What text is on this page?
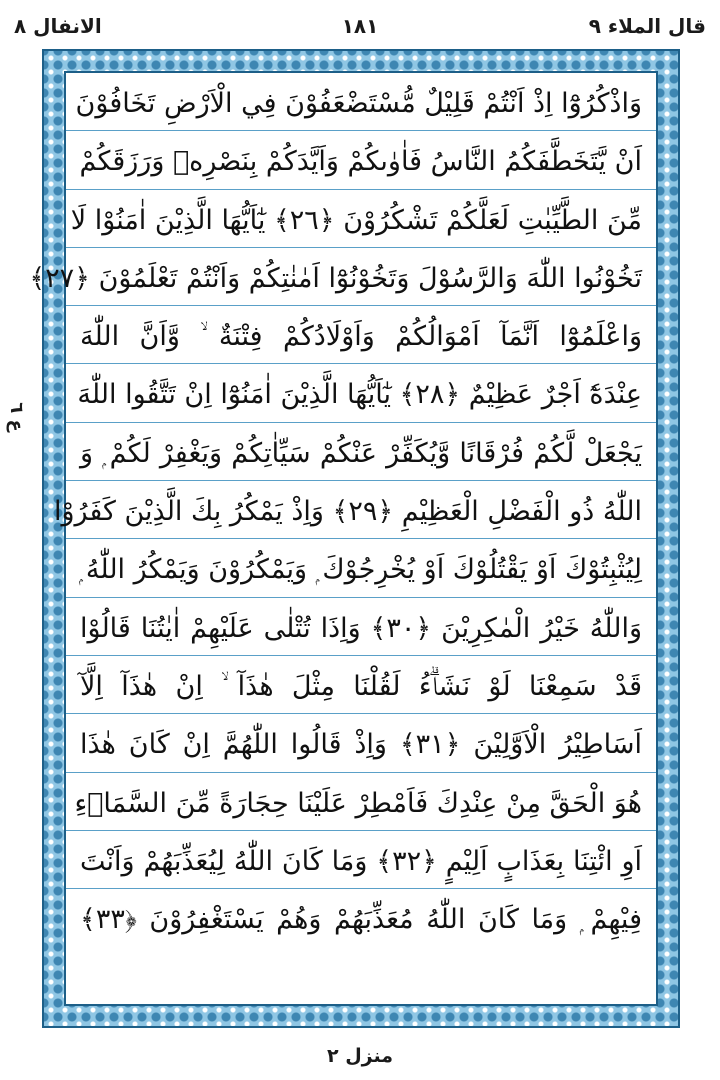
الانفال ٨	١٨١	قال الملاء ٩
ع ٦
وَاذْكُرُوْٓا اِذْ اَنْتُمْ قَلِيْلٌ مُّسْتَضْعَفُوْنَ فِي الْاَرْضِ تَخَافُوْنَ
اَنْ يَّتَخَطَّفَكُمُ النَّاسُ فَاٰوٰىكُمْ وَاَيَّدَكُمْ بِنَصْرِهٖ وَرَزَقَكُمْ
مِّنَ الطَّيِّبٰتِ لَعَلَّكُمْ تَشْكُرُوْنَ ﴿٢٦﴾ يٰٓاَيُّهَا الَّذِيْنَ اٰمَنُوْا لَا
تَخُوْنُوا اللّٰهَ وَالرَّسُوْلَ وَتَخُوْنُوْٓا اَمٰنٰتِكُمْ وَاَنْتُمْ تَعْلَمُوْنَ ﴿٢٧﴾
وَاعْلَمُوْٓا اَنَّمَآ اَمْوَالُكُمْ وَاَوْلَادُكُمْ فِتْنَةٌ ۙ وَّاَنَّ اللّٰهَ
عِنْدَهٗٓ اَجْرٌ عَظِيْمٌ ﴿٢٨﴾ يٰٓاَيُّهَا الَّذِيْنَ اٰمَنُوْٓا اِنْ تَتَّقُوا اللّٰهَ
يَجْعَلْ لَّكُمْ فُرْقَانًا وَّيُكَفِّرْ عَنْكُمْ سَيِّاٰتِكُمْ وَيَغْفِرْ لَكُمْ ۭ وَ
اللّٰهُ ذُو الْفَضْلِ الْعَظِيْمِ ﴿٢٩﴾ وَاِذْ يَمْكُرُ بِكَ الَّذِيْنَ كَفَرُوْا
لِيُثْبِتُوْكَ اَوْ يَقْتُلُوْكَ اَوْ يُخْرِجُوْكَ ۭ وَيَمْكُرُوْنَ وَيَمْكُرُ اللّٰهُ ۭ
وَاللّٰهُ خَيْرُ الْمٰكِرِيْنَ ﴿٣٠﴾ وَاِذَا تُتْلٰى عَلَيْهِمْ اٰيٰتُنَا قَالُوْا
قَدْ سَمِعْنَا لَوْ نَشَاۗءُ لَقُلْنَا مِثْلَ هٰذَآ ۙ اِنْ هٰذَآ اِلَّآ
اَسَاطِيْرُ الْاَوَّلِيْنَ ﴿٣١﴾ وَاِذْ قَالُوا اللّٰهُمَّ اِنْ كَانَ هٰذَا
هُوَ الْحَقَّ مِنْ عِنْدِكَ فَاَمْطِرْ عَلَيْنَا حِجَارَةً مِّنَ السَّمَاۗءِ
اَوِ ائْتِنَا بِعَذَابٍ اَلِيْمٍ ﴿٣٢﴾ وَمَا كَانَ اللّٰهُ لِيُعَذِّبَهُمْ وَاَنْتَ
فِيْهِمْ ۭ وَمَا كَانَ اللّٰهُ مُعَذِّبَهُمْ وَهُمْ يَسْتَغْفِرُوْنَ ﴿٣٣﴾
منزل ٢
